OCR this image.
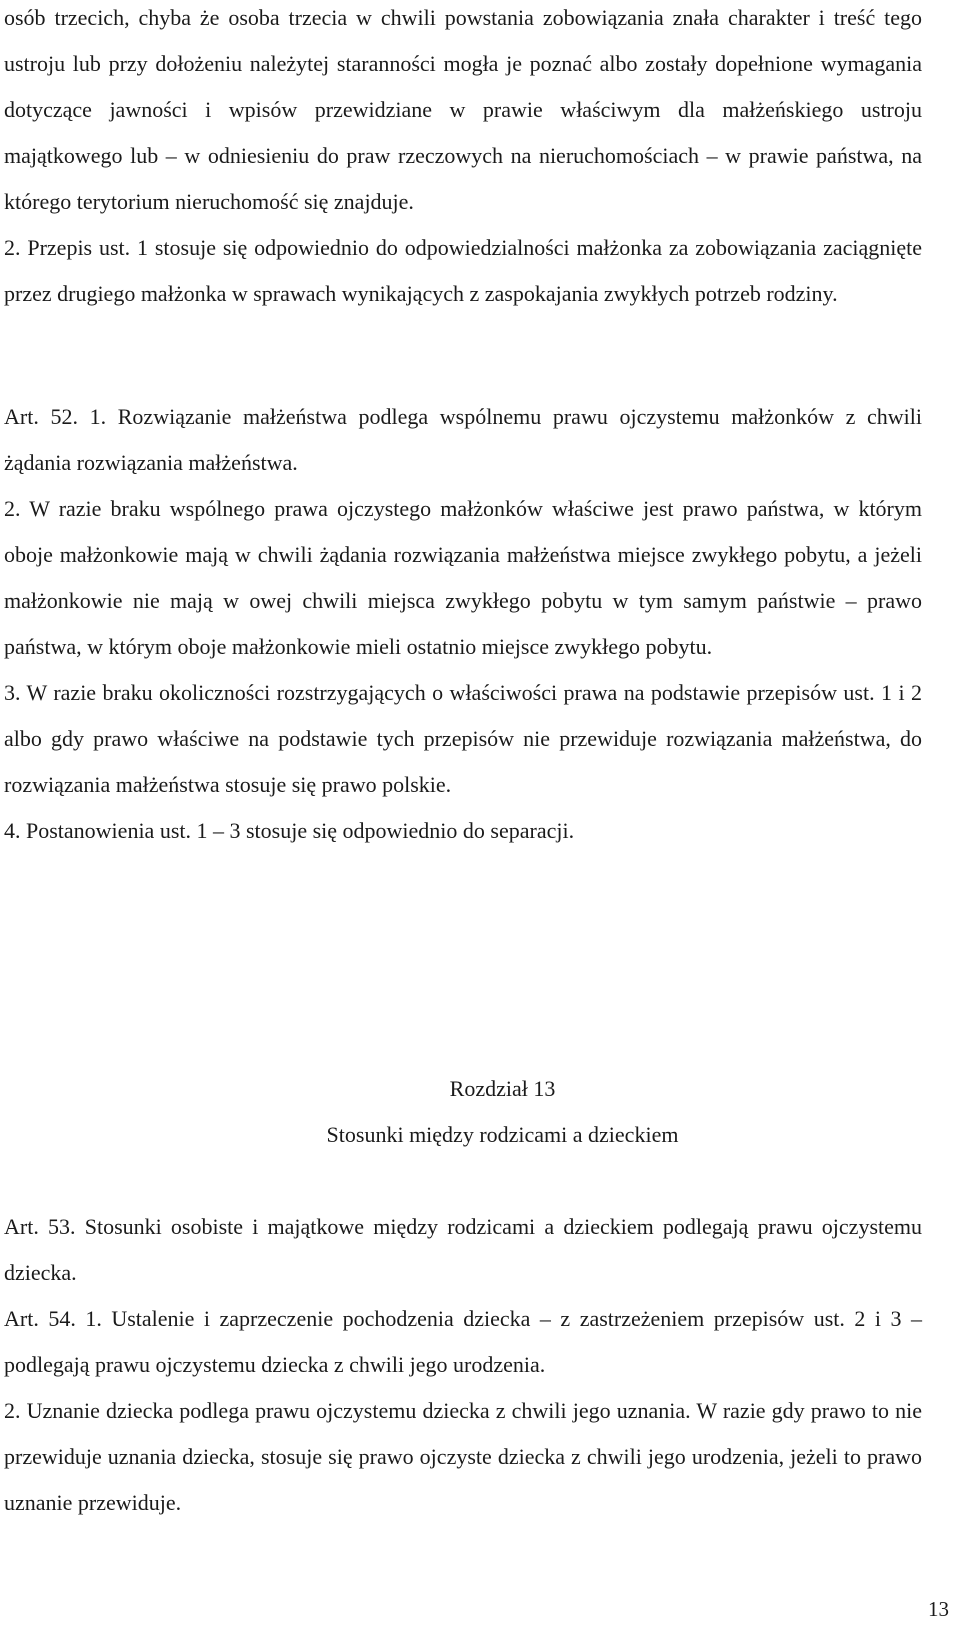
osób trzecich, chyba że osoba trzecia w chwili powstania zobowiązania znała charakter i treść tego ustroju lub przy dołożeniu należytej staranności mogła je poznać albo zostały dopełnione wymagania dotyczące jawności i wpisów przewidziane w prawie właściwym dla małżeńskiego ustroju majątkowego lub – w odniesieniu do praw rzeczowych na nieruchomościach – w prawie państwa, na którego terytorium nieruchomość się znajduje.

2. Przepis ust. 1 stosuje się odpowiednio do odpowiedzialności małżonka za zobowiązania zaciągnięte przez drugiego małżonka w sprawach wynikających z zaspokajania zwykłych potrzeb rodziny.

Art. 52. 1. Rozwiązanie małżeństwa podlega wspólnemu prawu ojczystemu małżonków z chwili żądania rozwiązania małżeństwa.

2. W razie braku wspólnego prawa ojczystego małżonków właściwe jest prawo państwa, w którym oboje małżonkowie mają w chwili żądania rozwiązania małżeństwa miejsce zwykłego pobytu, a jeżeli małżonkowie nie mają w owej chwili miejsca zwykłego pobytu w tym samym państwie – prawo państwa, w którym oboje małżonkowie mieli ostatnio miejsce zwykłego pobytu.

3. W razie braku okoliczności rozstrzygających o właściwości prawa na podstawie przepisów ust. 1 i 2 albo gdy prawo właściwe na podstawie tych przepisów nie przewiduje rozwiązania małżeństwa, do rozwiązania małżeństwa stosuje się prawo polskie.

4. Postanowienia ust. 1 – 3 stosuje się odpowiednio do separacji.

Rozdział 13
Stosunki między rodzicami a dzieckiem

Art. 53. Stosunki osobiste i majątkowe między rodzicami a dzieckiem podlegają prawu ojczystemu dziecka.

Art. 54. 1. Ustalenie i zaprzeczenie pochodzenia dziecka – z zastrzeżeniem przepisów ust. 2 i 3 – podlegają prawu ojczystemu dziecka z chwili jego urodzenia.

2. Uznanie dziecka podlega prawu ojczystemu dziecka z chwili jego uznania. W razie gdy prawo to nie przewiduje uznania dziecka, stosuje się prawo ojczyste dziecka z chwili jego urodzenia, jeżeli to prawo uznanie przewiduje.

13
